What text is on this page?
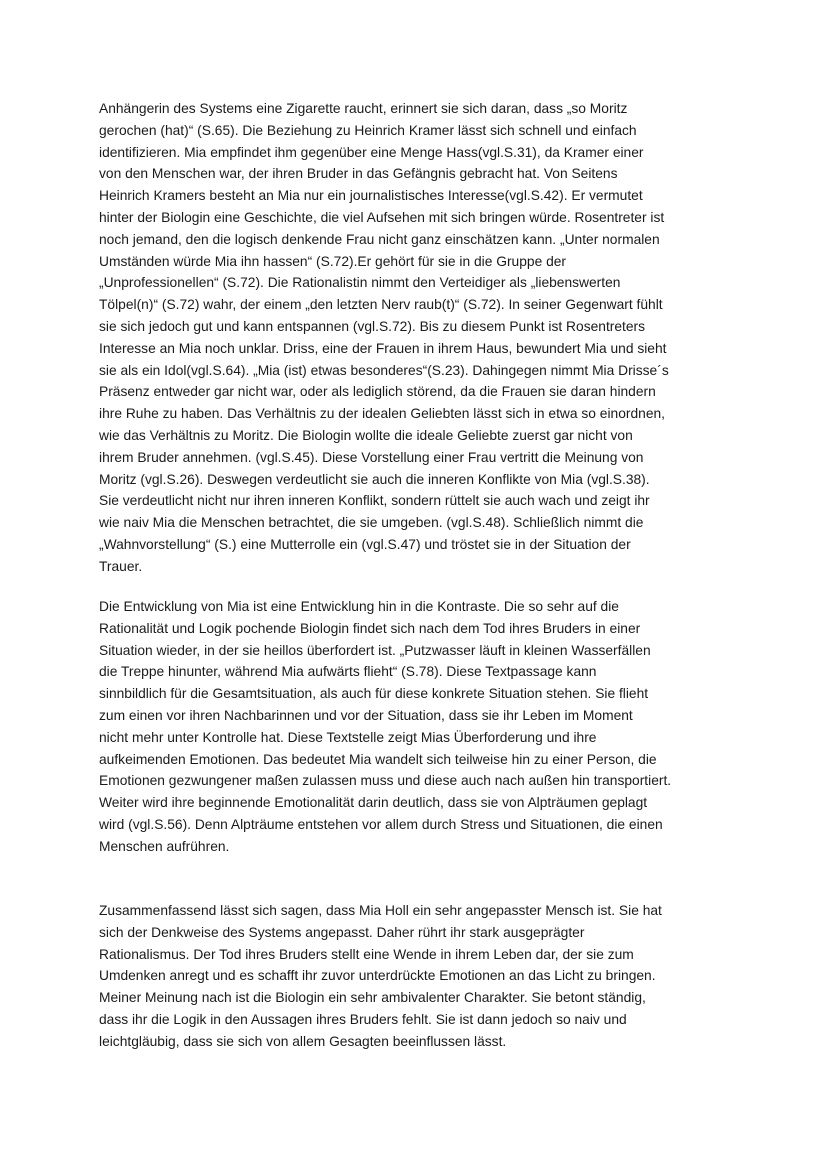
Anhängerin des Systems eine Zigarette raucht, erinnert sie sich daran, dass „so Moritz
gerochen (hat)“ (S.65). Die Beziehung zu Heinrich Kramer lässt sich schnell und einfach
identifizieren. Mia empfindet ihm gegenüber eine Menge Hass(vgl.S.31), da Kramer einer
von den Menschen war, der ihren Bruder in das Gefängnis gebracht hat. Von Seitens
Heinrich Kramers besteht an Mia nur ein journalistisches Interesse(vgl.S.42). Er vermutet
hinter der Biologin eine Geschichte, die viel Aufsehen mit sich bringen würde. Rosentreter ist
noch jemand, den die logisch denkende Frau nicht ganz einschätzen kann. „Unter normalen
Umständen würde Mia ihn hassen“ (S.72).Er gehört für sie in die Gruppe der
„Unprofessionellen“ (S.72). Die Rationalistin nimmt den Verteidiger als „liebenswerten
Tölpel(n)“ (S.72) wahr, der einem „den letzten Nerv raub(t)“ (S.72). In seiner Gegenwart fühlt
sie sich jedoch gut und kann entspannen (vgl.S.72). Bis zu diesem Punkt ist Rosentreters
Interesse an Mia noch unklar. Driss, eine der Frauen in ihrem Haus, bewundert Mia und sieht
sie als ein Idol(vgl.S.64). „Mia (ist) etwas besonderes“(S.23). Dahingegen nimmt Mia Drisse´s
Präsenz entweder gar nicht war, oder als lediglich störend, da die Frauen sie daran hindern
ihre Ruhe zu haben. Das Verhältnis zu der idealen Geliebten lässt sich in etwa so einordnen,
wie das Verhältnis zu Moritz. Die Biologin wollte die ideale Geliebte zuerst gar nicht von
ihrem Bruder annehmen. (vgl.S.45). Diese Vorstellung einer Frau vertritt die Meinung von
Moritz (vgl.S.26). Deswegen verdeutlicht sie auch die inneren Konflikte von Mia (vgl.S.38).
Sie verdeutlicht nicht nur ihren inneren Konflikt, sondern rüttelt sie auch wach und zeigt ihr
wie naiv Mia die Menschen betrachtet, die sie umgeben. (vgl.S.48). Schließlich nimmt die
„Wahnvorstellung“ (S.) eine Mutterrolle ein (vgl.S.47) und tröstet sie in der Situation der
Trauer.

Die Entwicklung von Mia ist eine Entwicklung hin in die Kontraste. Die so sehr auf die
Rationalität und Logik pochende Biologin findet sich nach dem Tod ihres Bruders in einer
Situation wieder, in der sie heillos überfordert ist. „Putzwasser läuft in kleinen Wasserfällen
die Treppe hinunter, während Mia aufwärts flieht“ (S.78). Diese Textpassage kann
sinnbildlich für die Gesamtsituation, als auch für diese konkrete Situation stehen. Sie flieht
zum einen vor ihren Nachbarinnen und vor der Situation, dass sie ihr Leben im Moment
nicht mehr unter Kontrolle hat. Diese Textstelle zeigt Mias Überforderung und ihre
aufkeimenden Emotionen. Das bedeutet Mia wandelt sich teilweise hin zu einer Person, die
Emotionen gezwungener maßen zulassen muss und diese auch nach außen hin transportiert.
Weiter wird ihre beginnende Emotionalität darin deutlich, dass sie von Alpträumen geplagt
wird (vgl.S.56). Denn Alpträume entstehen vor allem durch Stress und Situationen, die einen
Menschen aufrühren.

Zusammenfassend lässt sich sagen, dass Mia Holl ein sehr angepasster Mensch ist. Sie hat
sich der Denkweise des Systems angepasst. Daher rührt ihr stark ausgeprägter
Rationalismus. Der Tod ihres Bruders stellt eine Wende in ihrem Leben dar, der sie zum
Umdenken anregt und es schafft ihr zuvor unterdrückte Emotionen an das Licht zu bringen.
Meiner Meinung nach ist die Biologin ein sehr ambivalenter Charakter. Sie betont ständig,
dass ihr die Logik in den Aussagen ihres Bruders fehlt. Sie ist dann jedoch so naiv und
leichtgläubig, dass sie sich von allem Gesagten beeinflussen lässt.
